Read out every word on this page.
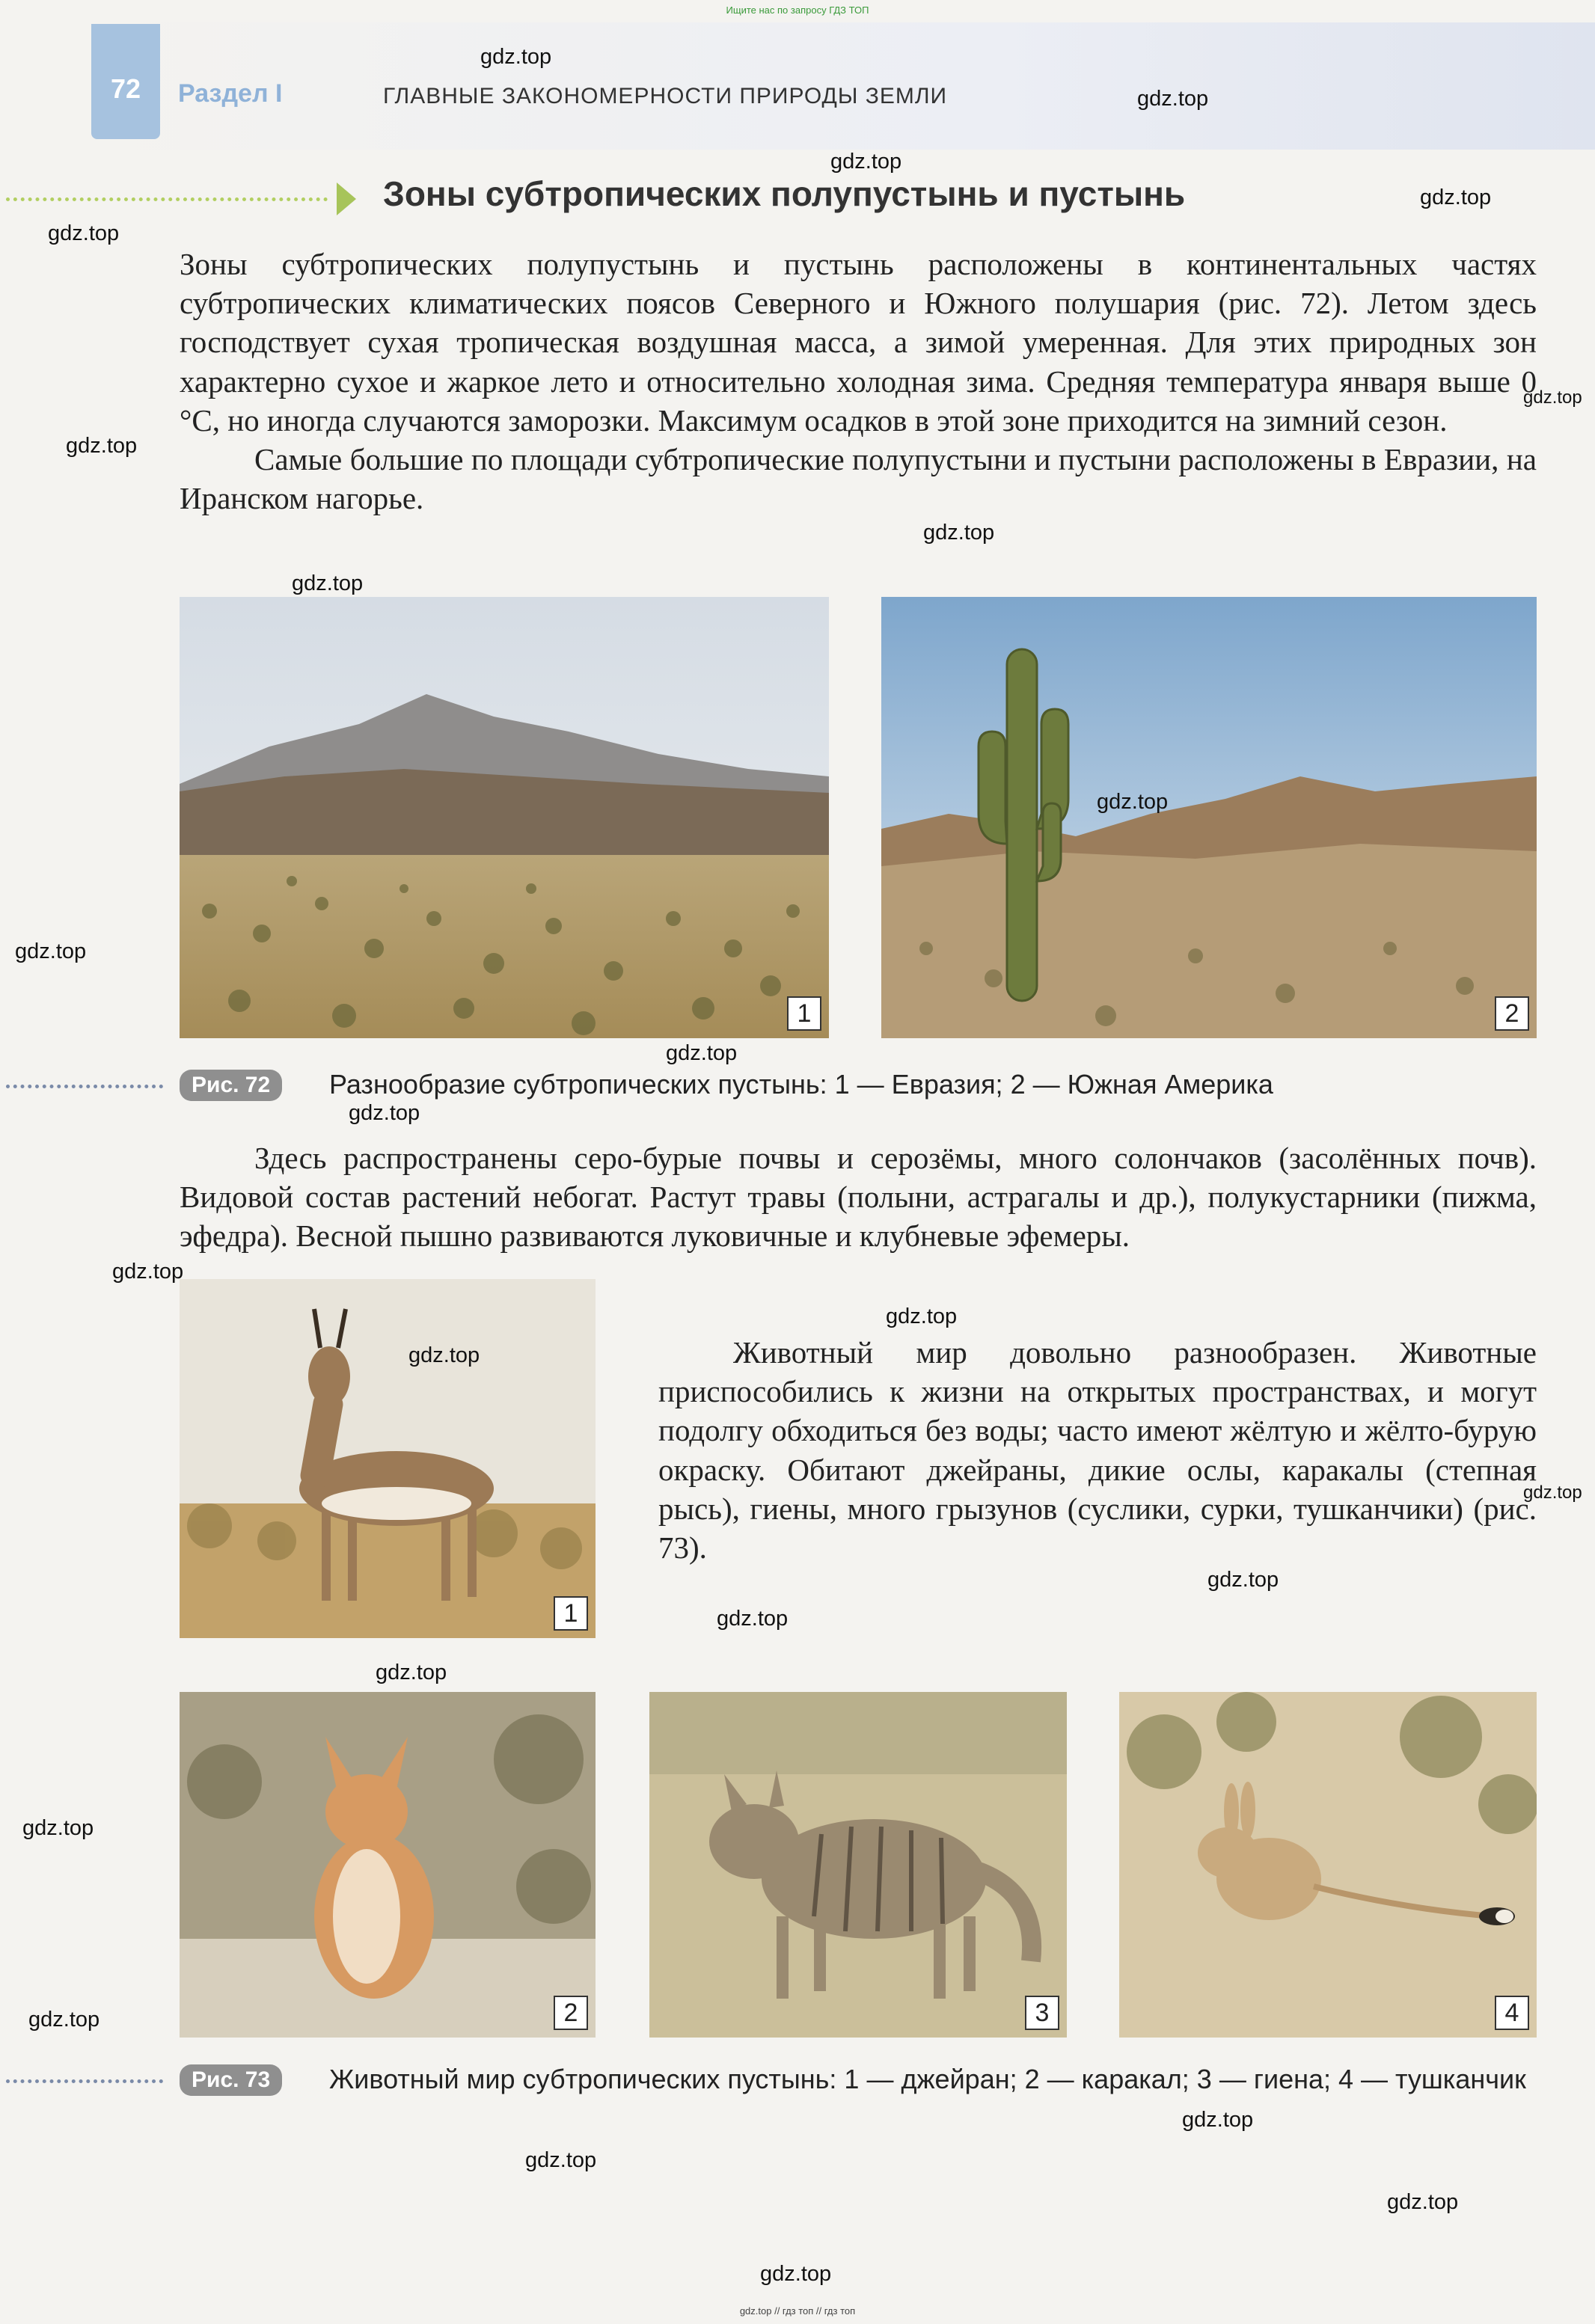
Ищите нас по запросу ГДЗ ТОП
72	Раздел I	ГЛАВНЫЕ ЗАКОНОМЕРНОСТИ ПРИРОДЫ ЗЕМЛИ
Зоны субтропических полупустынь и пустынь

Зоны субтропических полупустынь и пустынь расположены в континентальных частях субтропических климатических поясов Северного и Южного полушария (рис. 72). Летом здесь господствует сухая тропическая воздушная масса, а зимой умеренная. Для этих природных зон характерно сухое и жаркое лето и относительно холодная зима. Средняя температура января выше 0 °C, но иногда случаются заморозки. Максимум осадков в этой зоне приходится на зимний сезон.

Самые большие по площади субтропические полупустыни и пустыни расположены в Евразии, на Иранском нагорье.

1	2
Рис. 72	Разнообразие субтропических пустынь: 1 — Евразия; 2 — Южная Америка

Здесь распространены серо-бурые почвы и серозёмы, много солончаков (засолённых почв). Видовой состав растений небогат. Растут травы (полыни, астрагалы и др.), полукустарники (пижма, эфедра). Весной пышно развиваются луковичные и клубневые эфемеры.

1

Животный мир довольно разнообразен. Животные приспособились к жизни на открытых пространствах, и могут подолгу обходиться без воды; часто имеют жёлтую и жёлто-бурую окраску. Обитают джейраны, дикие ослы, каракалы (степная рысь), гиены, много грызунов (суслики, сурки, тушканчики) (рис. 73).

2	3	4
Рис. 73	Животный мир субтропических пустынь: 1 — джейран; 2 — каракал; 3 — гиена; 4 — тушканчик
gdz.top
gdz.top
gdz.top
gdz.top
gdz.top
gdz.top
gdz.top
gdz.top
gdz.top
gdz.top
gdz.top
gdz.top
gdz.top
gdz.top
gdz.top
gdz.top
gdz.top
gdz.top
gdz.top
gdz.top
gdz.top
gdz.top
gdz.top
gdz.top
gdz.top
gdz.top
gdz.top // гдз топ // гдз топ
